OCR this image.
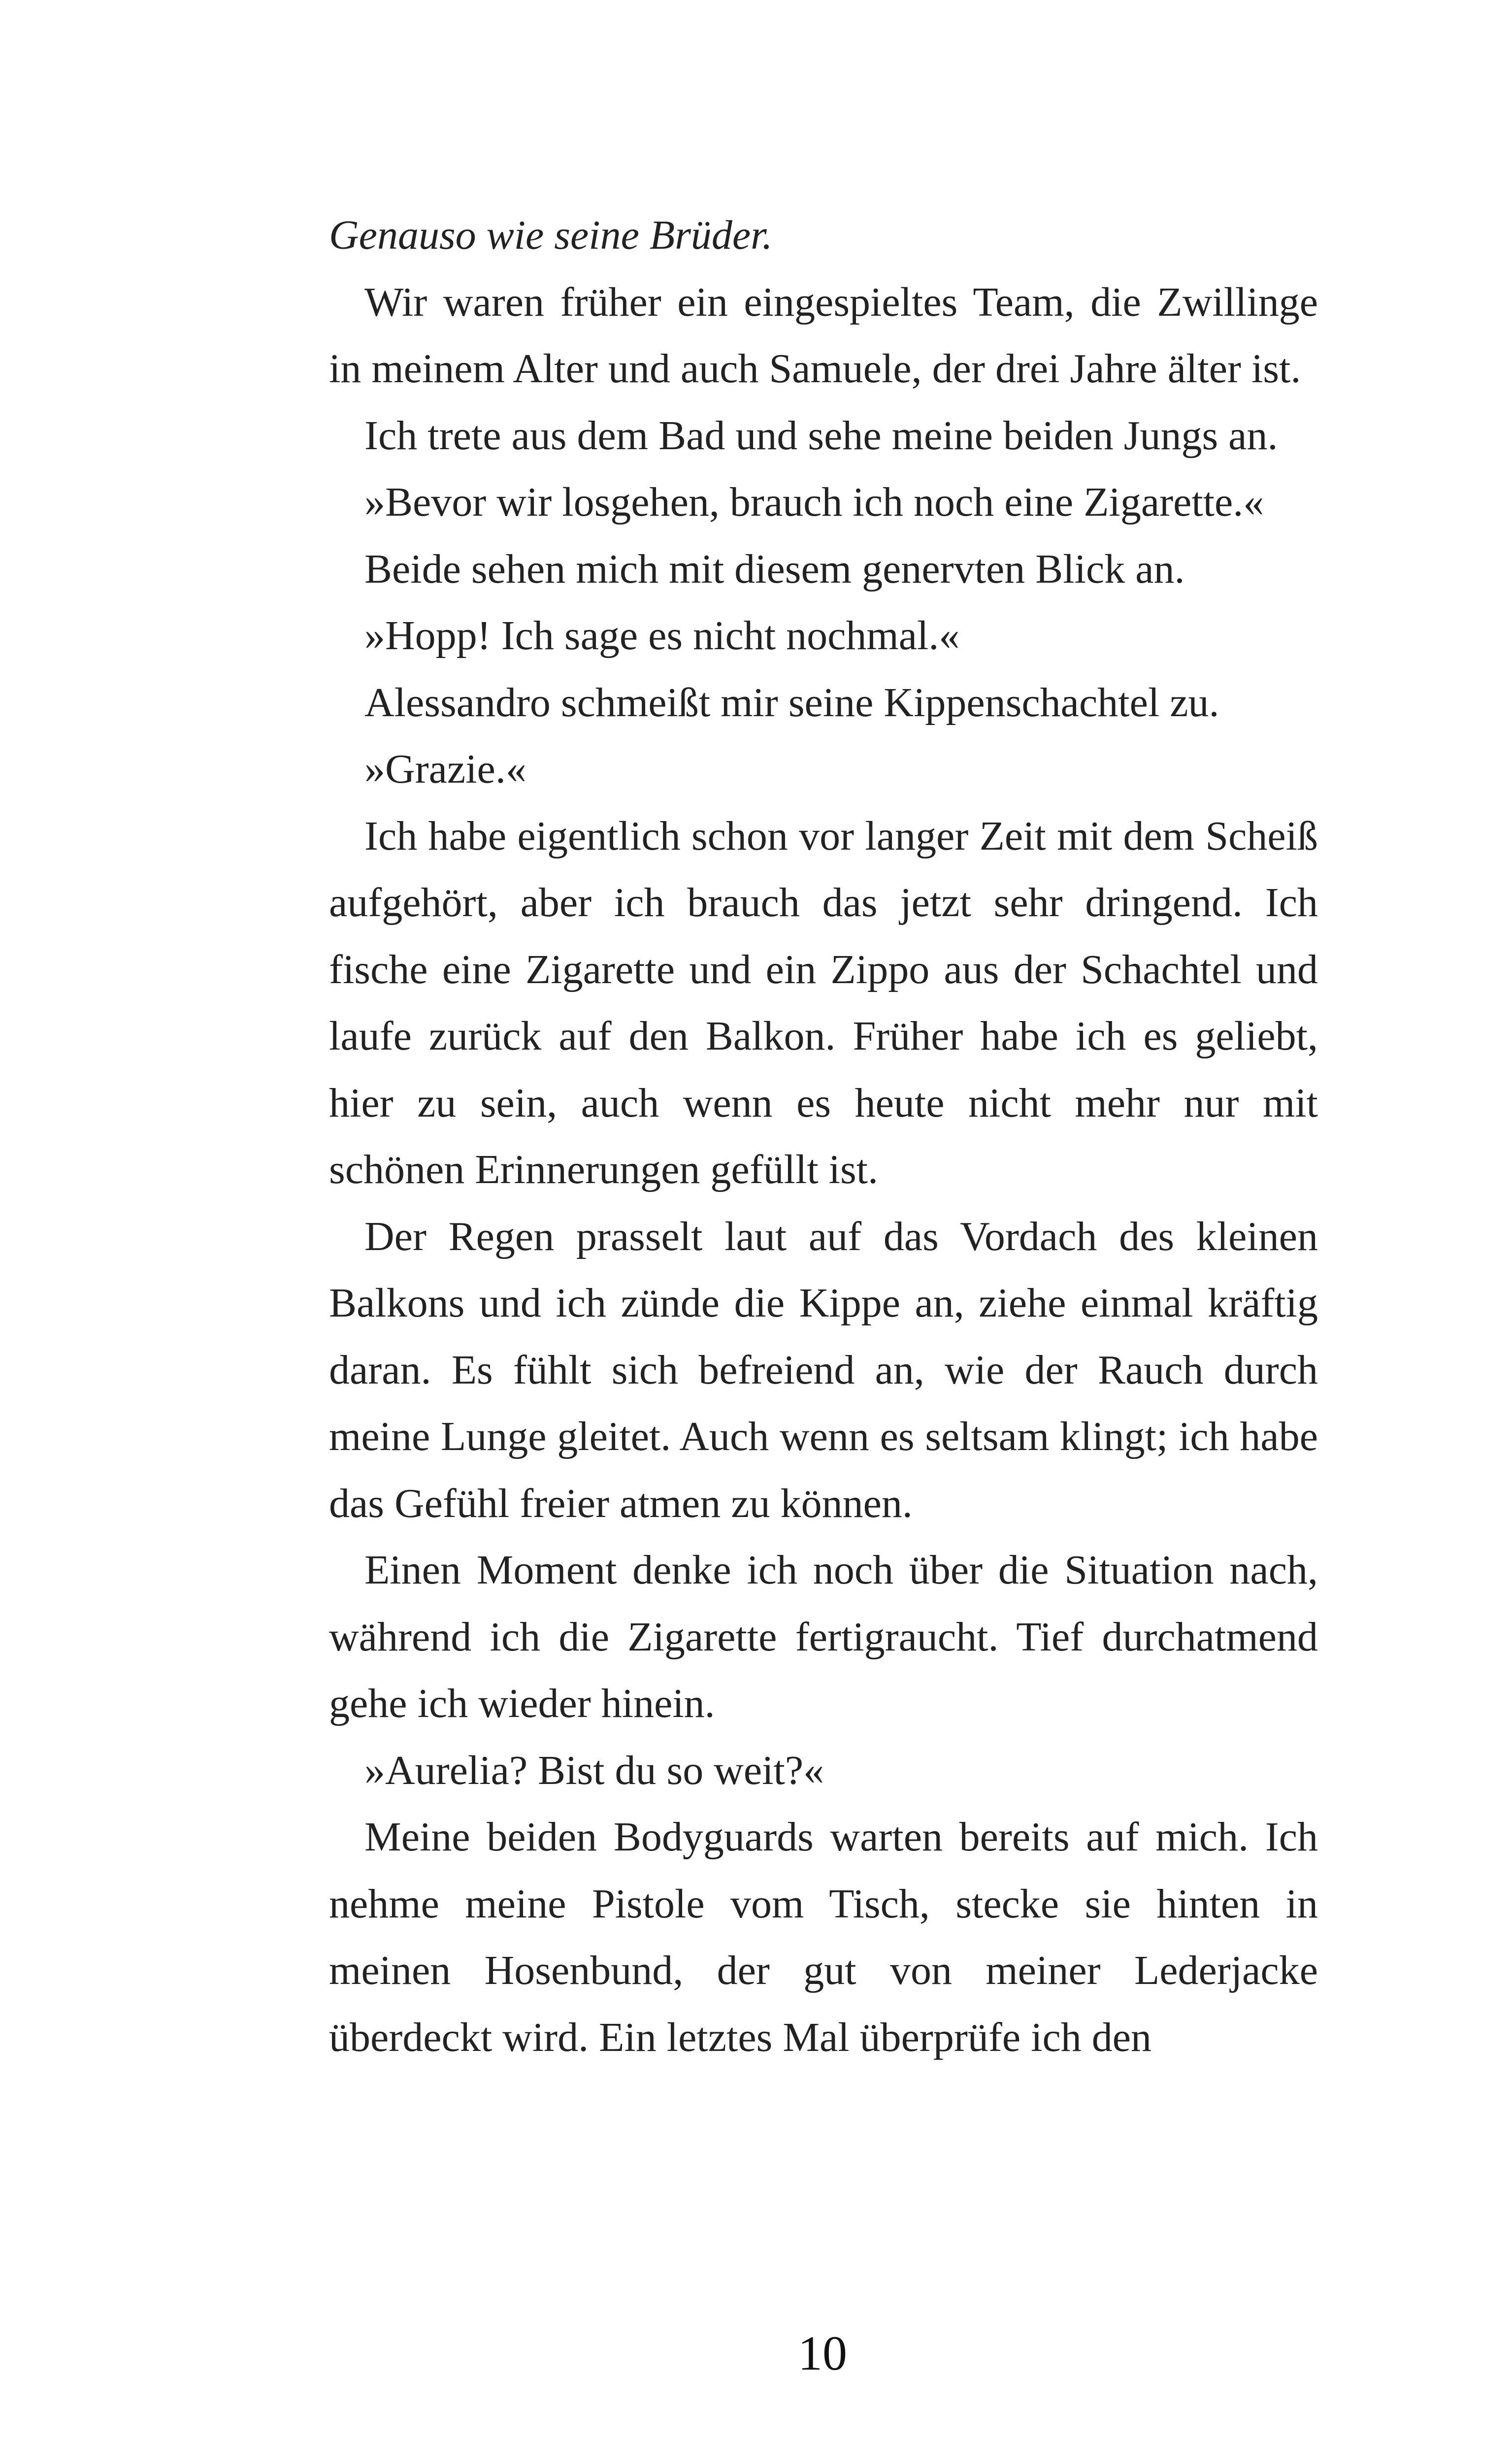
Genauso wie seine Brüder.

Wir waren früher ein eingespieltes Team, die Zwillinge in meinem Alter und auch Samuele, der drei Jahre älter ist.

Ich trete aus dem Bad und sehe meine beiden Jungs an.

»Bevor wir losgehen, brauch ich noch eine Zigarette.«

Beide sehen mich mit diesem genervten Blick an.

»Hopp! Ich sage es nicht nochmal.«

Alessandro schmeißt mir seine Kippenschachtel zu.

»Grazie.«

Ich habe eigentlich schon vor langer Zeit mit dem Scheiß aufgehört, aber ich brauch das jetzt sehr dringend. Ich fische eine Zigarette und ein Zippo aus der Schachtel und laufe zurück auf den Balkon. Früher habe ich es geliebt, hier zu sein, auch wenn es heute nicht mehr nur mit schönen Erinnerungen gefüllt ist.

Der Regen prasselt laut auf das Vordach des kleinen Balkons und ich zünde die Kippe an, ziehe einmal kräftig daran. Es fühlt sich befreiend an, wie der Rauch durch meine Lunge gleitet. Auch wenn es seltsam klingt; ich habe das Gefühl freier atmen zu können.

Einen Moment denke ich noch über die Situation nach, während ich die Zigarette fertigraucht. Tief durchatmend gehe ich wieder hinein.

»Aurelia? Bist du so weit?«

Meine beiden Bodyguards warten bereits auf mich. Ich nehme meine Pistole vom Tisch, stecke sie hinten in meinen Hosenbund, der gut von meiner Lederjacke überdeckt wird. Ein letztes Mal überprüfe ich den

10
